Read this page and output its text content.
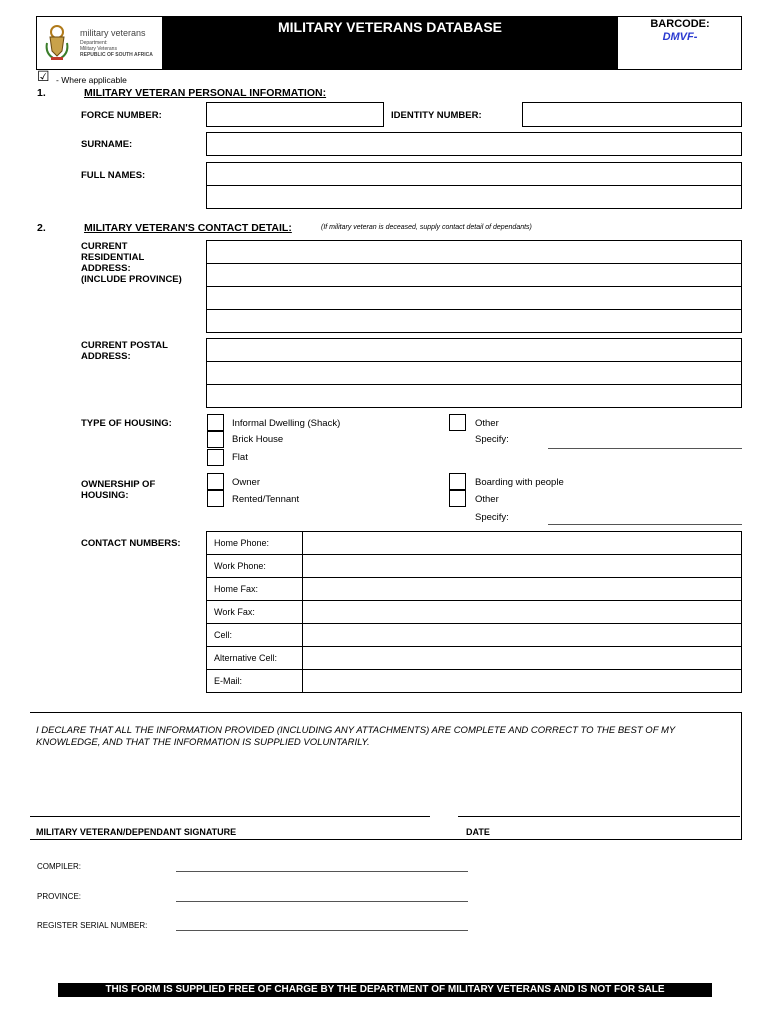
military veterans
Department:
Military Veterans
REPUBLIC OF SOUTH AFRICA
MILITARY VETERANS DATABASE	BARCODE:
DMVF-
☑ - Where applicable
1.	MILITARY VETERAN PERSONAL INFORMATION:
FORCE NUMBER:	IDENTITY NUMBER:
SURNAME:
FULL NAMES:
2.	MILITARY VETERAN'S CONTACT DETAIL:	(If military veteran is deceased, supply contact detail of dependants)
CURRENT
RESIDENTIAL
ADDRESS:
(INCLUDE PROVINCE)
CURRENT POSTAL
ADDRESS:
TYPE OF HOUSING:	Informal Dwelling (Shack)
Brick House
Flat
Other
Specify:
OWNERSHIP OF
HOUSING:
Owner
Rented/Tennant
Boarding with people
Other
Specify:
CONTACT NUMBERS:	Home Phone:
Work Phone:
Home Fax:
Work Fax:
Cell:
Alternative Cell:
E-Mail:
I DECLARE THAT ALL THE INFORMATION PROVIDED (INCLUDING ANY ATTACHMENTS) ARE COMPLETE AND CORRECT TO THE BEST OF MY KNOWLEDGE, AND THAT THE INFORMATION IS SUPPLIED VOLUNTARILY.
MILITARY VETERAN/DEPENDANT SIGNATURE	DATE
COMPILER:
PROVINCE:
REGISTER SERIAL NUMBER:
THIS FORM IS SUPPLIED FREE OF CHARGE BY THE DEPARTMENT OF MILITARY VETERANS AND IS NOT FOR SALE
